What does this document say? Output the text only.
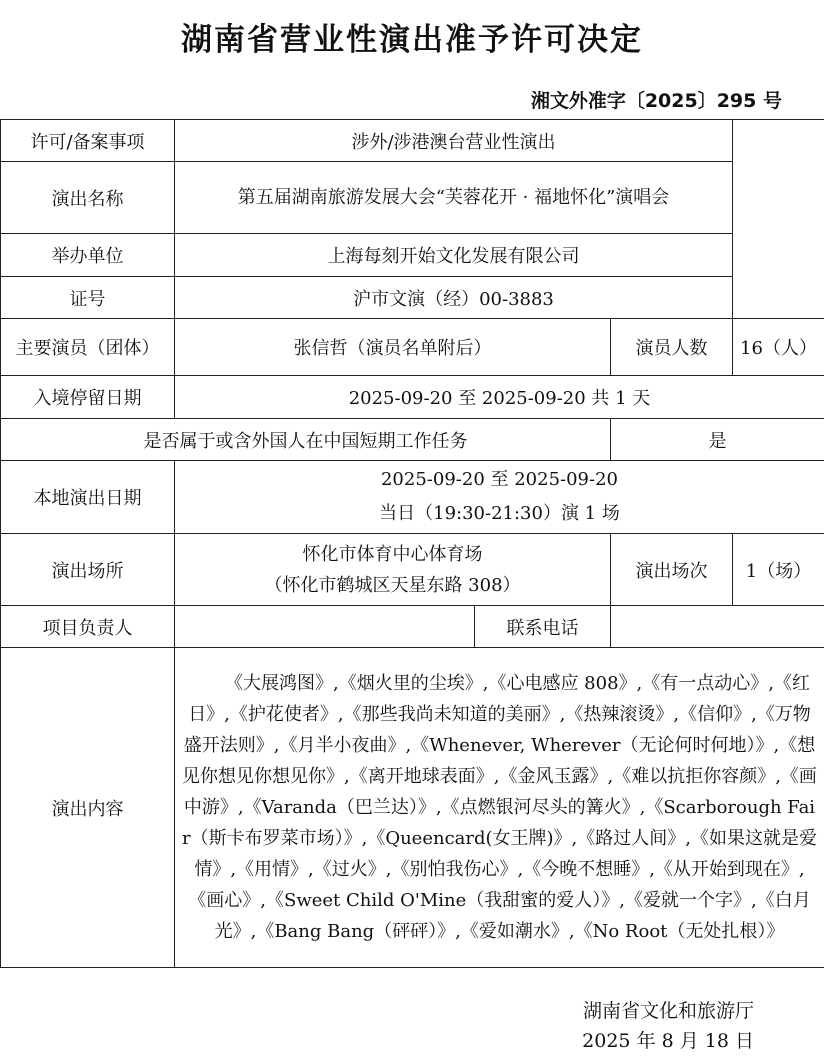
湖南省营业性演出准予许可决定
湘文外准字〔2025〕295 号
许可/备案事项	涉外/涉港澳台营业性演出			
演出名称	第五届湖南旅游发展大会“芙蓉花开 · 福地怀化”演唱会			
举办单位	上海每刻开始文化发展有限公司			
证号	沪市文演（经）00-3883			
主要演员（团体）	张信哲（演员名单附后）		演员人数	16（人）
入境停留日期	2025-09-20 至 2025-09-20 共 1 天			
是否属于或含外国人在中国短期工作任务			是	
本地演出日期	2025-09-20 至 2025-09-20
当日（19:30-21:30）演 1 场			

演出场所	怀化市体育中心体育场
（怀化市鹤城区天星东路 308）		演出场次	1（场）
项目负责人		联系电话		
演出内容	《大展鸿图》,《烟火里的尘埃》,《心电感应 808》,《有一点动心》,《红日》,《护花使者》,《那些我尚未知道的美丽》,《热辣滚烫》,《信仰》,《万物盛开法则》,《月半小夜曲》,《Whenever, Wherever（无论何时何地）》,《想见你想见你想见你》,《离开地球表面》,《金风玉露》,《难以抗拒你容颜》,《画中游》,《Varanda（巴兰达）》,《点燃银河尽头的篝火》,《Scarborough Fair（斯卡布罗菜市场）》,《Queencard(女王牌)》,《路过人间》,《如果这就是爱情》,《用情》,《过火》,《别怕我伤心》,《今晚不想睡》,《从开始到现在》,《画心》,《Sweet Child O'Mine（我甜蜜的爱人）》,《爱就一个字》,《白月光》,《Bang Bang（砰砰）》,《爱如潮水》,《No Root（无处扎根）》			
湖南省文化和旅游厅
2025 年 8 月 18 日
